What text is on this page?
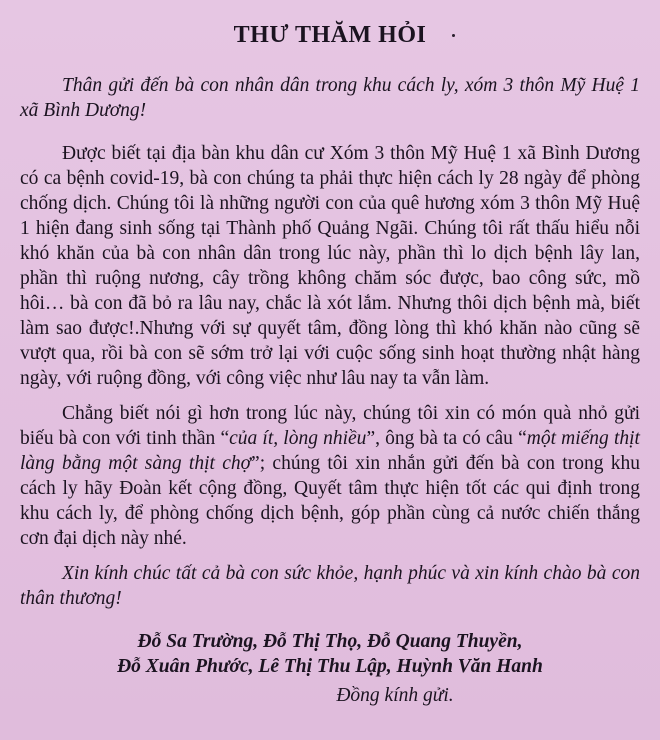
THƯ THĂM HỎI

Thân gửi đến bà con nhân dân trong khu cách ly, xóm 3 thôn Mỹ Huệ 1 xã Bình Dương!

Được biết tại địa bàn khu dân cư Xóm 3 thôn Mỹ Huệ 1 xã Bình Dương có ca bệnh covid-19, bà con chúng ta phải thực hiện cách ly 28 ngày để phòng chống dịch. Chúng tôi là những người con của quê hương xóm 3 thôn Mỹ Huệ 1 hiện đang sinh sống tại Thành phố Quảng Ngãi. Chúng tôi rất thấu hiểu nỗi khó khăn của bà con nhân dân trong lúc này, phần thì lo dịch bệnh lây lan, phần thì ruộng nương, cây trồng không chăm sóc được, bao công sức, mồ hôi… bà con đã bỏ ra lâu nay, chắc là xót lắm. Nhưng thôi dịch bệnh mà, biết làm sao được!.Nhưng với sự quyết tâm, đồng lòng thì khó khăn nào cũng sẽ vượt qua, rồi bà con sẽ sớm trở lại với cuộc sống sinh hoạt thường nhật hàng ngày, với ruộng đồng, với công việc như lâu nay ta vẫn làm.

Chẳng biết nói gì hơn trong lúc này, chúng tôi xin có món quà nhỏ gửi biếu bà con với tinh thần “của ít, lòng nhiều”, ông bà ta có câu “một miếng thịt làng bằng một sàng thịt chợ”; chúng tôi xin nhắn gửi đến bà con trong khu cách ly hãy Đoàn kết cộng đồng, Quyết tâm thực hiện tốt các qui định trong khu cách ly, để phòng chống dịch bệnh, góp phần cùng cả nước chiến thắng cơn đại dịch này nhé.

Xin kính chúc tất cả bà con sức khỏe, hạnh phúc và xin kính chào bà con thân thương!

Đỗ Sa Trường, Đỗ Thị Thọ, Đỗ Quang Thuyền,
Đỗ Xuân Phước, Lê Thị Thu Lập, Huỳnh Văn Hanh
Đồng kính gửi.
